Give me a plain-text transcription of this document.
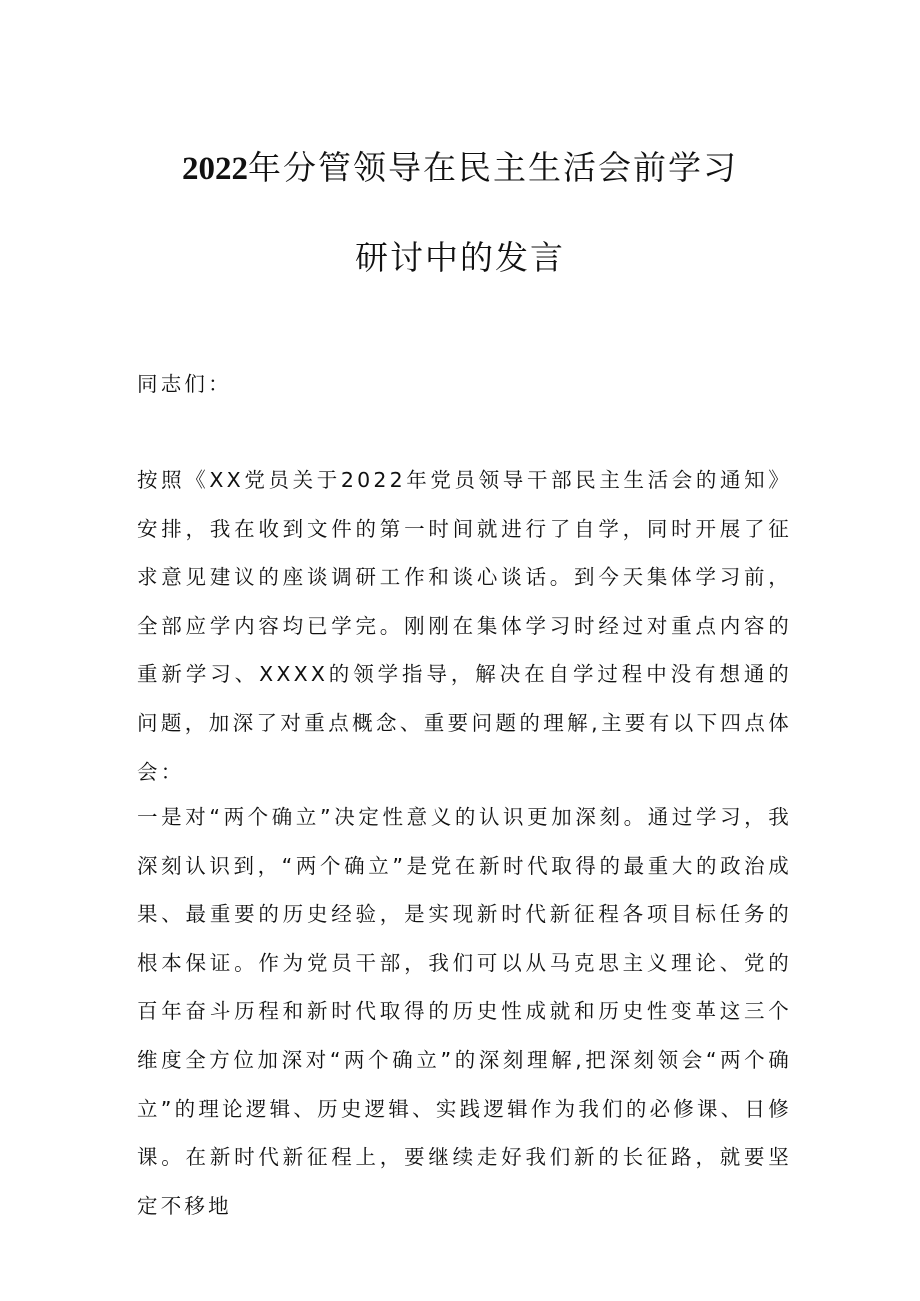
2022年分管领导在民主生活会前学习
研讨中的发言

同志们：

按照《XX党员关于2022年党员领导干部民主生活会的通知》安排，我在收到文件的第一时间就进行了自学，同时开展了征求意见建议的座谈调研工作和谈心谈话。到今天集体学习前，全部应学内容均已学完。刚刚在集体学习时经过对重点内容的重新学习、XXXX的领学指导，解决在自学过程中没有想通的问题，加深了对重点概念、重要问题的理解,主要有以下四点体会：

一是对“两个确立”决定性意义的认识更加深刻。通过学习，我深刻认识到，“两个确立”是党在新时代取得的最重大的政治成果、最重要的历史经验，是实现新时代新征程各项目标任务的根本保证。作为党员干部，我们可以从马克思主义理论、党的百年奋斗历程和新时代取得的历史性成就和历史性变革这三个维度全方位加深对“两个确立”的深刻理解,把深刻领会“两个确立”的理论逻辑、历史逻辑、实践逻辑作为我们的必修课、日修课。在新时代新征程上，要继续走好我们新的长征路，就要坚定不移地
